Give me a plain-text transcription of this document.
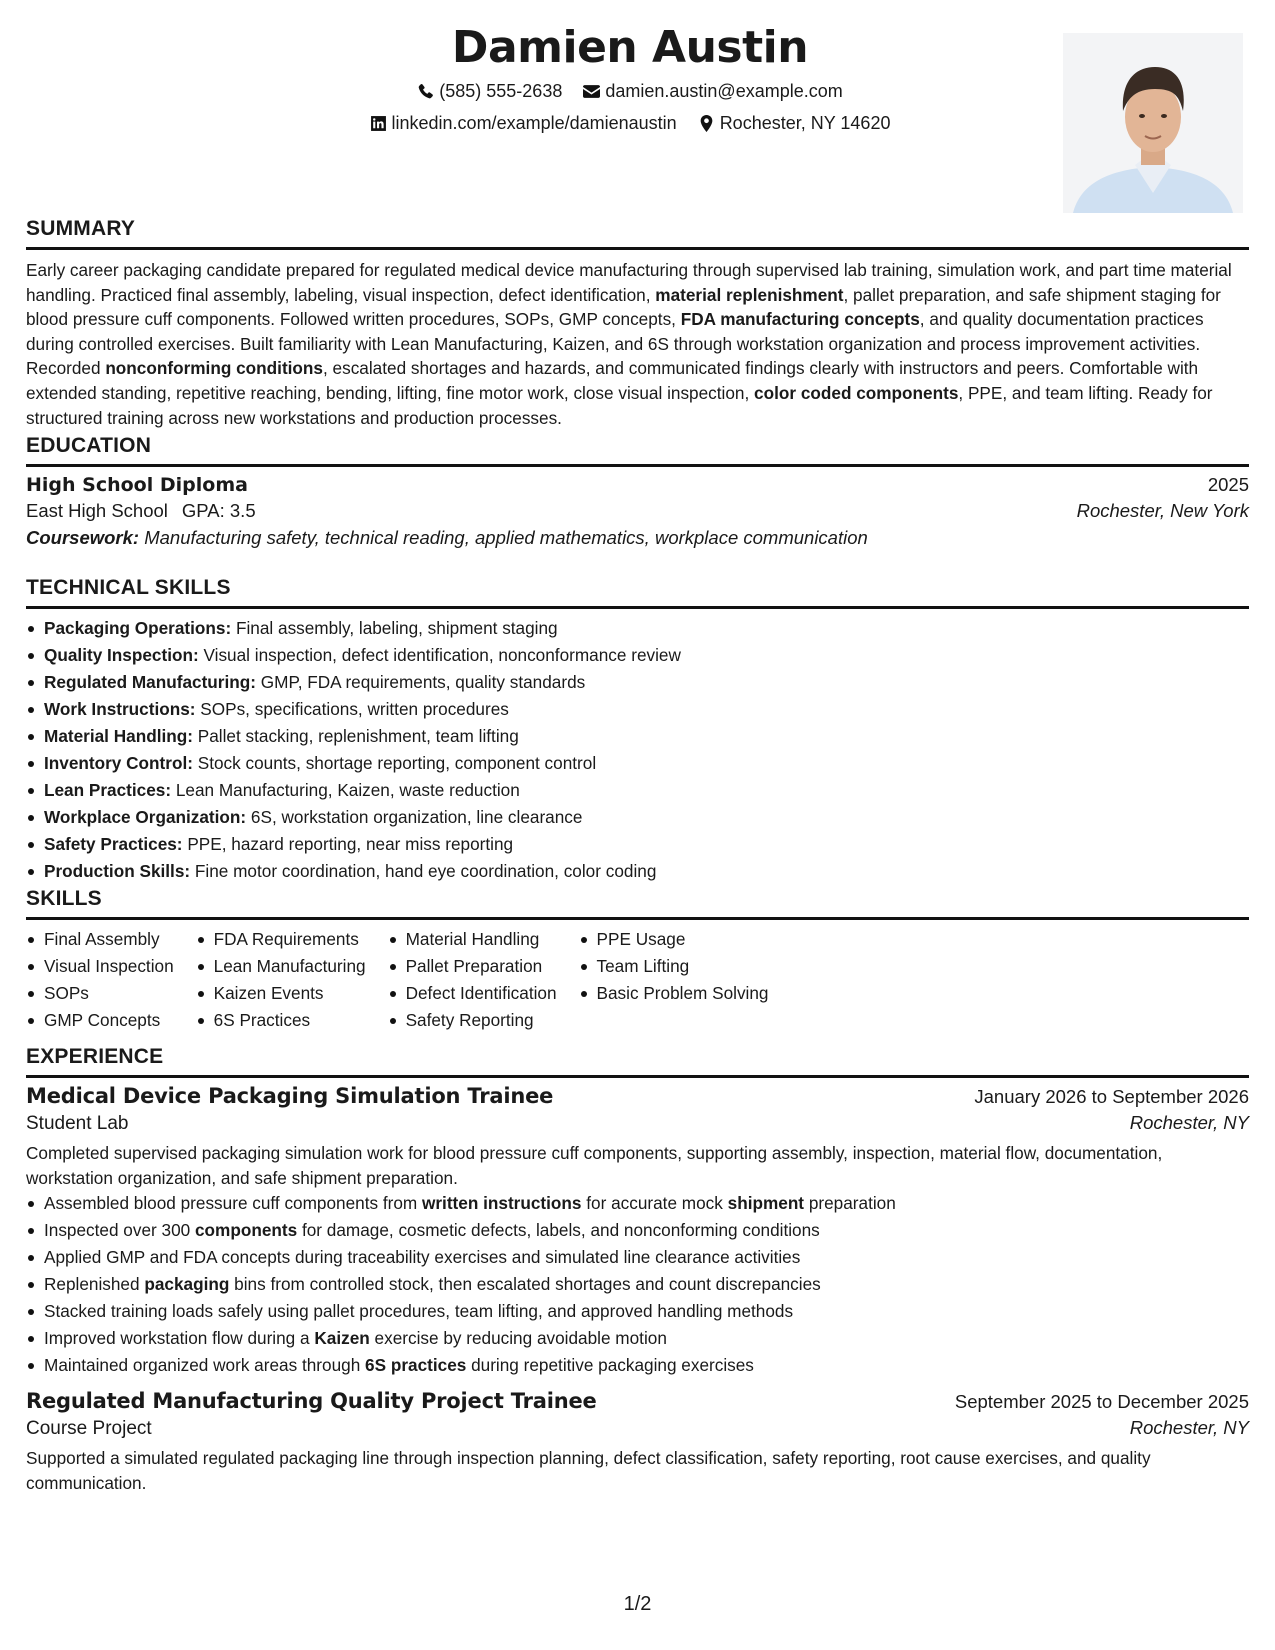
Damien Austin
(585) 555-2638
damien.austin@example.com
linkedin.com/example/damienaustin
Rochester, NY 14620
SUMMARY
Early career packaging candidate prepared for regulated medical device manufacturing through supervised lab training, simulation work, and part time material handling. Practiced final assembly, labeling, visual inspection, defect identification, material replenishment, pallet preparation, and safe shipment staging for blood pressure cuff components. Followed written procedures, SOPs, GMP concepts, FDA manufacturing concepts, and quality documentation practices during controlled exercises. Built familiarity with Lean Manufacturing, Kaizen, and 6S through workstation organization and process improvement activities. Recorded nonconforming conditions, escalated shortages and hazards, and communicated findings clearly with instructors and peers. Comfortable with extended standing, repetitive reaching, bending, lifting, fine motor work, close visual inspection, color coded components, PPE, and team lifting. Ready for structured training across new workstations and production processes.
EDUCATION
High School Diploma	2025
East High School GPA: 3.5	Rochester, New York
Coursework: Manufacturing safety, technical reading, applied mathematics, workplace communication
TECHNICAL SKILLS
Packaging Operations: Final assembly, labeling, shipment staging
Quality Inspection: Visual inspection, defect identification, nonconformance review
Regulated Manufacturing: GMP, FDA requirements, quality standards
Work Instructions: SOPs, specifications, written procedures
Material Handling: Pallet stacking, replenishment, team lifting
Inventory Control: Stock counts, shortage reporting, component control
Lean Practices: Lean Manufacturing, Kaizen, waste reduction
Workplace Organization: 6S, workstation organization, line clearance
Safety Practices: PPE, hazard reporting, near miss reporting
Production Skills: Fine motor coordination, hand eye coordination, color coding
SKILLS
Final Assembly
Visual Inspection
SOPs
GMP Concepts
FDA Requirements
Lean Manufacturing
Kaizen Events
6S Practices
Material Handling
Pallet Preparation
Defect Identification
Safety Reporting
PPE Usage
Team Lifting
Basic Problem Solving
EXPERIENCE
Medical Device Packaging Simulation Trainee	January 2026 to September 2026
Student Lab	Rochester, NY
Completed supervised packaging simulation work for blood pressure cuff components, supporting assembly, inspection, material flow, documentation, workstation organization, and safe shipment preparation.
Assembled blood pressure cuff components from written instructions for accurate mock shipment preparation
Inspected over 300 components for damage, cosmetic defects, labels, and nonconforming conditions
Applied GMP and FDA concepts during traceability exercises and simulated line clearance activities
Replenished packaging bins from controlled stock, then escalated shortages and count discrepancies
Stacked training loads safely using pallet procedures, team lifting, and approved handling methods
Improved workstation flow during a Kaizen exercise by reducing avoidable motion
Maintained organized work areas through 6S practices during repetitive packaging exercises
Regulated Manufacturing Quality Project Trainee	September 2025 to December 2025
Course Project	Rochester, NY
Supported a simulated regulated packaging line through inspection planning, defect classification, safety reporting, root cause exercises, and quality communication.
1/2
